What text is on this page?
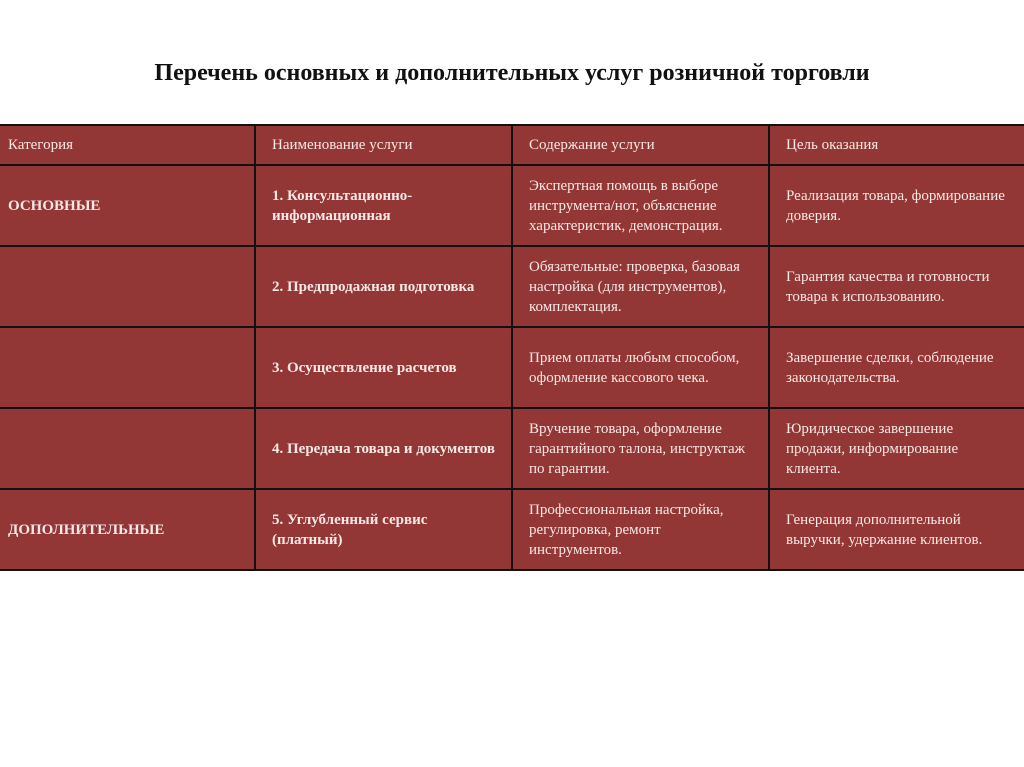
Перечень основных и дополнительных услуг розничной торговли
Категория	Наименование услуги	Содержание услуги	Цель оказания
ОСНОВНЫЕ	1. Консультационно-информационная	Экспертная помощь в выборе инструмента/нот, объяснение характеристик, демонстрация.	Реализация товара, формирование доверия.
	2. Предпродажная подготовка	Обязательные: проверка, базовая настройка (для инструментов), комплектация.	Гарантия качества и готовности товара к использованию.
	3. Осуществление расчетов	Прием оплаты любым способом, оформление кассового чека.	Завершение сделки, соблюдение законодательства.
	4. Передача товара и документов	Вручение товара, оформление гарантийного талона, инструктаж по гарантии.	Юридическое завершение продажи, информирование клиента.
ДОПОЛНИТЕЛЬНЫЕ	5. Углубленный сервис (платный)	Профессиональная настройка, регулировка, ремонт инструментов.	Генерация дополнительной выручки, удержание клиентов.
